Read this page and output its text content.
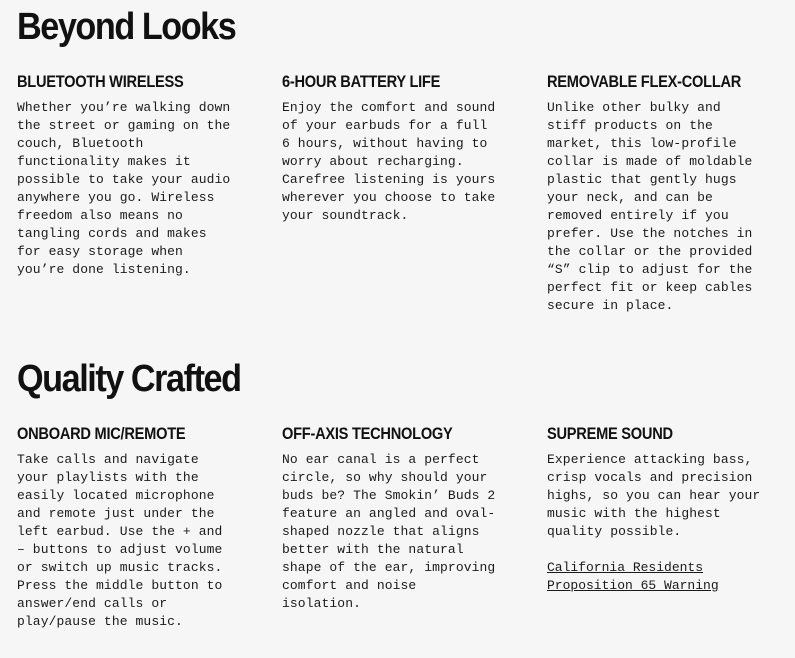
Beyond Looks
BLUETOOTH WIRELESS

Whether you’re walking down
the street or gaming on the
couch, Bluetooth
functionality makes it
possible to take your audio
anywhere you go. Wireless
freedom also means no
tangling cords and makes
for easy storage when
you’re done listening.

6-HOUR BATTERY LIFE

Enjoy the comfort and sound
of your earbuds for a full
6 hours, without having to
worry about recharging.
Carefree listening is yours
wherever you choose to take
your soundtrack.

REMOVABLE FLEX-COLLAR

Unlike other bulky and
stiff products on the
market, this low-profile
collar is made of moldable
plastic that gently hugs
your neck, and can be
removed entirely if you
prefer. Use the notches in
the collar or the provided
“S” clip to adjust for the
perfect fit or keep cables
secure in place.

Quality Crafted
ONBOARD MIC/REMOTE

Take calls and navigate
your playlists with the
easily located microphone
and remote just under the
left earbud. Use the + and
– buttons to adjust volume
or switch up music tracks.
Press the middle button to
answer/end calls or
play/pause the music.

OFF-AXIS TECHNOLOGY

No ear canal is a perfect
circle, so why should your
buds be? The Smokin’ Buds 2
feature an angled and oval-
shaped nozzle that aligns
better with the natural
shape of the ear, improving
comfort and noise
isolation.

SUPREME SOUND

Experience attacking bass,
crisp vocals and precision
highs, so you can hear your
music with the highest
quality possible.

California Residents
Proposition 65 Warning
